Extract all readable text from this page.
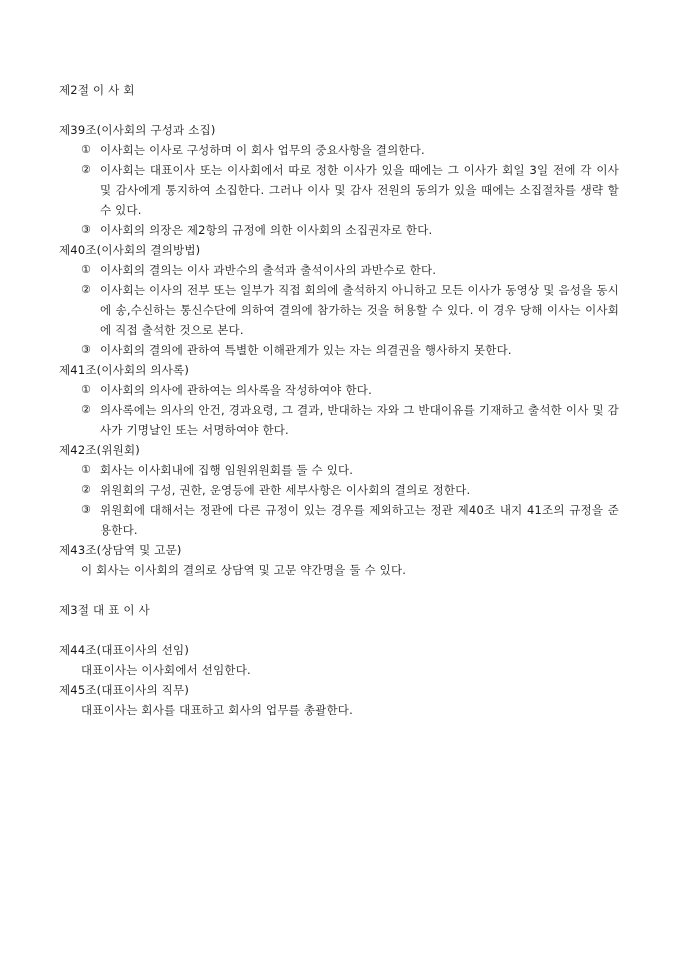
제2절 이 사 회
제39조(이사회의 구성과 소집)
① 이사회는 이사로 구성하며 이 회사 업무의 중요사항을 결의한다.
② 이사회는 대표이사 또는 이사회에서 따로 정한 이사가 있을 때에는 그 이사가 회일 3일 전에 각 이사 및 감사에게 통지하여 소집한다. 그러나 이사 및 감사 전원의 동의가 있을 때에는 소집절차를 생략 할 수 있다.
③ 이사회의 의장은 제2항의 규정에 의한 이사회의 소집권자로 한다.
제40조(이사회의 결의방법)
① 이사회의 결의는 이사 과반수의 출석과 출석이사의 과반수로 한다.
② 이사회는 이사의 전부 또는 일부가 직접 회의에 출석하지 아니하고 모든 이사가 동영상 및 음성을 동시에 송,수신하는 통신수단에 의하여 결의에 참가하는 것을 허용할 수 있다. 이 경우 당해 이사는 이사회에 직접 출석한 것으로 본다.
③ 이사회의 결의에 관하여 특별한 이해관계가 있는 자는 의결권을 행사하지 못한다.
제41조(이사회의 의사록)
① 이사회의 의사에 관하여는 의사록을 작성하여야 한다.
② 의사록에는 의사의 안건, 경과요령, 그 결과, 반대하는 자와 그 반대이유를 기재하고 출석한 이사 및 감사가 기명날인 또는 서명하여야 한다.
제42조(위원회)
① 회사는 이사회내에 집행 임원위원회를 둘 수 있다.
② 위원회의 구성, 권한, 운영등에 관한 세부사항은 이사회의 결의로 정한다.
③ 위원회에 대해서는 정관에 다른 규정이 있는 경우를 제외하고는 정관 제40조 내지 41조의 규정을 준용한다.
제43조(상담역 및 고문)
이 회사는 이사회의 결의로 상담역 및 고문 약간명을 둘 수 있다.
제3절 대 표 이 사
제44조(대표이사의 선임)
대표이사는 이사회에서 선임한다.
제45조(대표이사의 직무)
대표이사는 회사를 대표하고 회사의 업무를 총괄한다.
